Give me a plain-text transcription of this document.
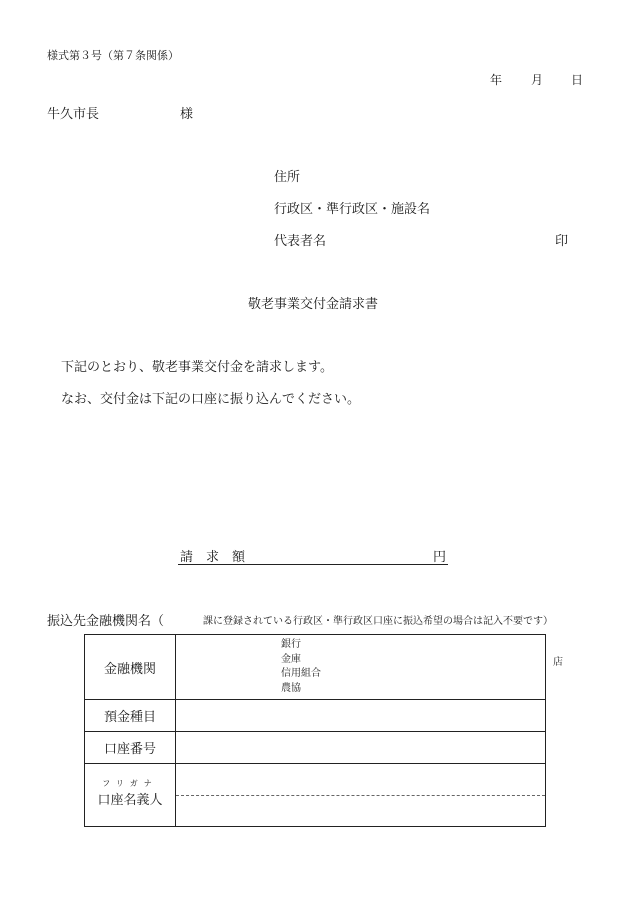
様式第３号（第７条関係）
年 月 日
牛久市長	様
住所
行政区・準行政区・施設名
代表者名	印
敬老事業交付金請求書
下記のとおり、敬老事業交付金を請求します。
なお、交付金は下記の口座に振り込んでください。
請　求　額	円
振込先金融機関名（	課に登録されている行政区・準行政区口座に振込希望の場合は記入不要です）
金融機関	銀行
金庫
信用組合
農協
店

預金種目	
口座番号	

フリガナ
口座名義人	
